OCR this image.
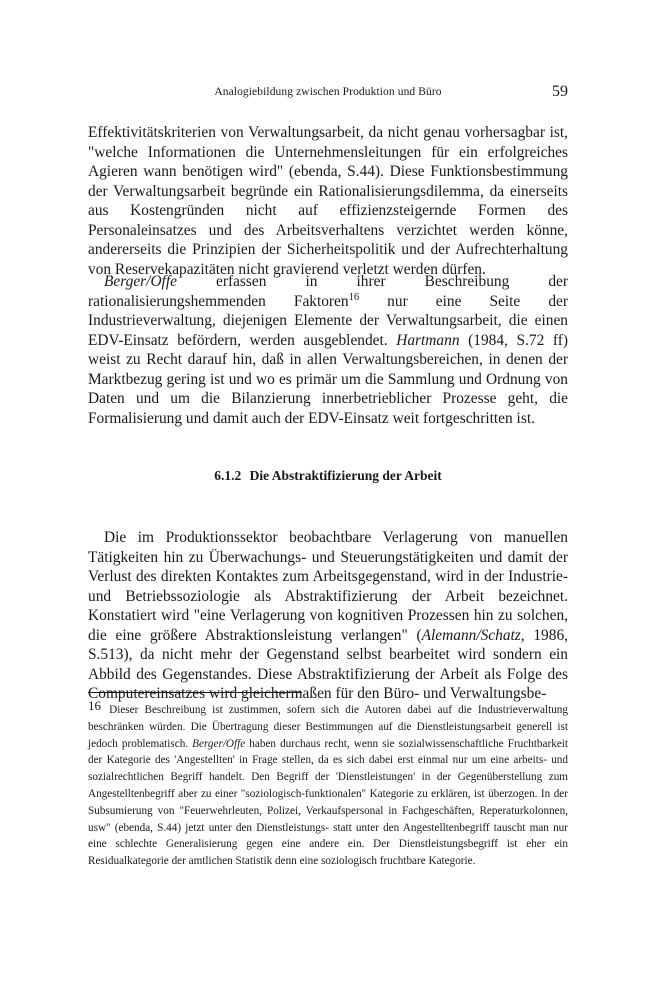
Analogiebildung zwischen Produktion und Büro	59

Effektivitätskriterien von Verwaltungsarbeit, da nicht genau vorhersagbar ist, "welche Informationen die Unternehmensleitungen für ein erfolgreiches Agieren wann benötigen wird" (ebenda, S.44). Diese Funktionsbestimmung der Verwaltungsarbeit begründe ein Rationalisierungsdilemma, da einerseits aus Kostengründen nicht auf effizienzsteigernde Formen des Personaleinsatzes und des Arbeitsverhaltens verzichtet werden könne, andererseits die Prinzipien der Sicherheitspolitik und der Aufrechterhaltung von Reservekapazitäten nicht gravierend verletzt werden dürfen.

Berger/Offe erfassen in ihrer Beschreibung der rationalisierungshemmenden Faktoren$^{16}$ nur eine Seite der Industrieverwaltung, diejenigen Elemente der Verwaltungsarbeit, die einen EDV-Einsatz befördern, werden ausgeblendet. Hartmann (1984, S.72 ff) weist zu Recht darauf hin, daß in allen Verwaltungsbereichen, in denen der Marktbezug gering ist und wo es primär um die Sammlung und Ordnung von Daten und um die Bilanzierung innerbetrieblicher Prozesse geht, die Formalisierung und damit auch der EDV-Einsatz weit fortgeschritten ist.

6.1.2 Die Abstraktifizierung der Arbeit

Die im Produktionssektor beobachtbare Verlagerung von manuellen Tätigkeiten hin zu Überwachungs- und Steuerungstätigkeiten und damit der Verlust des direkten Kontaktes zum Arbeitsgegenstand, wird in der Industrie- und Betriebssoziologie als Abstraktifizierung der Arbeit bezeichnet. Konstatiert wird "eine Verlagerung von kognitiven Prozessen hin zu solchen, die eine größere Abstraktionsleistung verlangen" (Alemann/Schatz, 1986, S.513), da nicht mehr der Gegenstand selbst bearbeitet wird sondern ein Abbild des Gegenstandes. Diese Abstraktifizierung der Arbeit als Folge des Computereinsatzes wird gleichermaßen für den Büro- und Verwaltungsbe-

16 Dieser Beschreibung ist zustimmen, sofern sich die Autoren dabei auf die Industrieverwaltung beschränken würden. Die Übertragung dieser Bestimmungen auf die Dienstleistungsarbeit generell ist jedoch problematisch. Berger/Offe haben durchaus recht, wenn sie sozialwissenschaftliche Fruchtbarkeit der Kategorie des 'Angestellten' in Frage stellen, da es sich dabei erst einmal nur um eine arbeits- und sozialrechtlichen Begriff handelt. Den Begriff der 'Dienstleistungen' in der Gegenüberstellung zum Angestelltenbegriff aber zu einer "soziologisch-funktionalen" Kategorie zu erklären, ist überzogen. In der Subsumierung von "Feuerwehrleuten, Polizei, Verkaufspersonal in Fachgeschäften, Reperaturkolonnen, usw" (ebenda, S.44) jetzt unter den Dienstleistungs- statt unter den Angestelltenbegriff tauscht man nur eine schlechte Generalisierung gegen eine andere ein. Der Dienstleistungsbegriff ist eher ein Residualkategorie der amtlichen Statistik denn eine soziologisch fruchtbare Kategorie.
